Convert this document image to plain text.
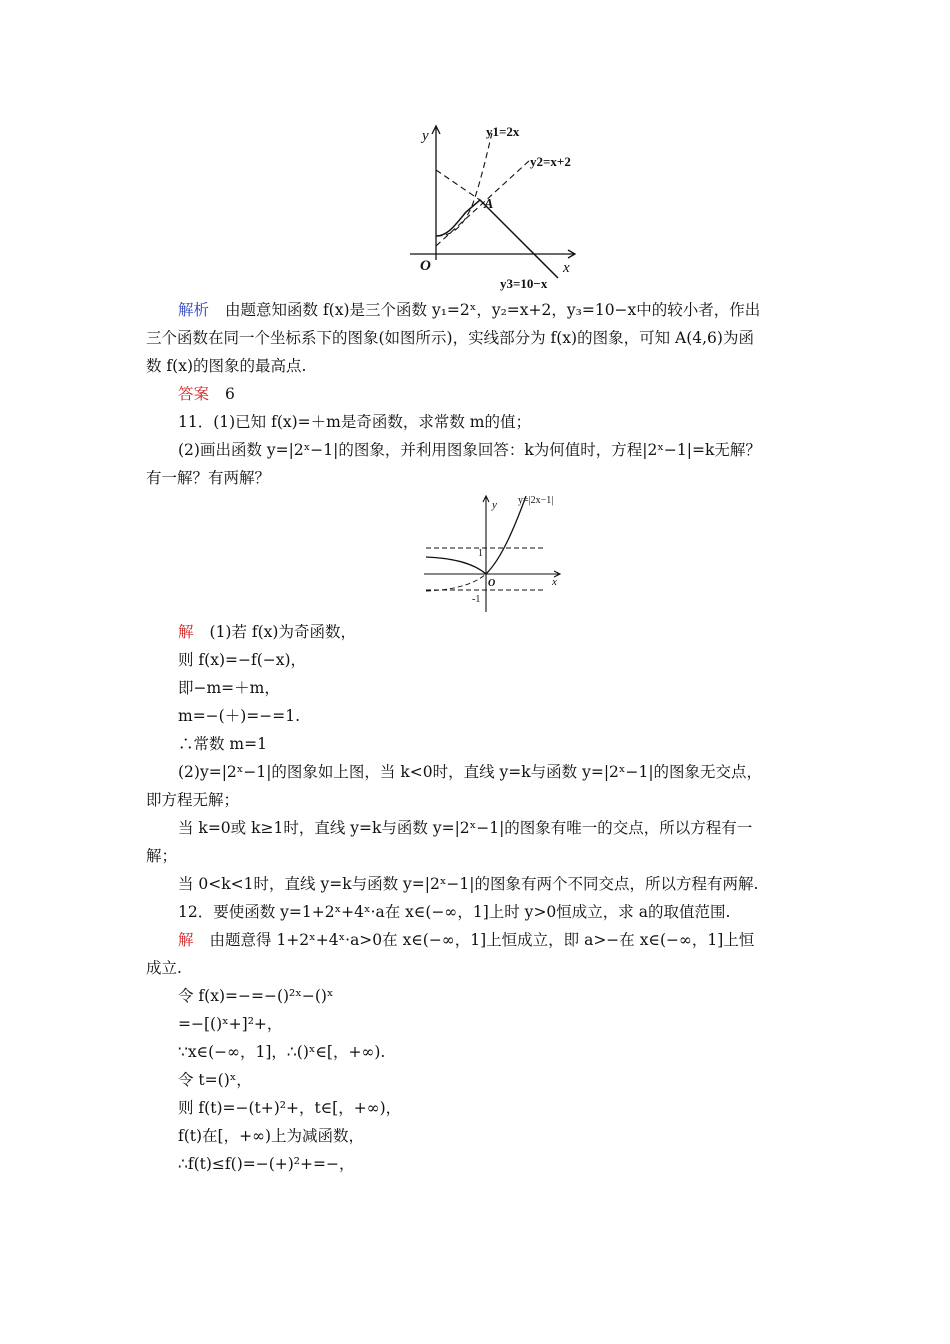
y
x
O
A
y1=2x
y2=x+2
y3=10−x
解析 由题意知函数 f(x)是三个函数 y₁=2ˣ，y₂=x+2，y₃=10−x中的较小者，作出
三个函数在同一个坐标系下的图象(如图所示)，实线部分为 f(x)的图象，可知 A(4,6)为函
数 f(x)的图象的最高点.
答案 6
11．(1)已知 f(x)=＋m是奇函数，求常数 m的值；
(2)画出函数 y=|2ˣ−1|的图象，并利用图象回答：k为何值时，方程|2ˣ−1|=k无解？
有一解？有两解？
y
x
O
1
-1
y=|2x−1|
解 (1)若 f(x)为奇函数，
则 f(x)=−f(−x)，
即−m=＋m，
m=−(＋)=−=1.
∴常数 m=1
(2)y=|2ˣ−1|的图象如上图，当 k<0时，直线 y=k与函数 y=|2ˣ−1|的图象无交点，
即方程无解；
当 k=0或 k≥1时，直线 y=k与函数 y=|2ˣ−1|的图象有唯一的交点，所以方程有一
解；
当 0<k<1时，直线 y=k与函数 y=|2ˣ−1|的图象有两个不同交点，所以方程有两解.
12．要使函数 y=1+2ˣ+4ˣ·a在 x∈(−∞，1]上时 y>0恒成立，求 a的取值范围.
解 由题意得 1+2ˣ+4ˣ·a>0在 x∈(−∞，1]上恒成立，即 a>−在 x∈(−∞，1]上恒
成立.
令 f(x)=−=−()²ˣ−()ˣ
=−[()ˣ+]²+，
∵x∈(−∞，1]，∴()ˣ∈[，+∞).
令 t=()ˣ，
则 f(t)=−(t+)²+，t∈[，+∞)，
f(t)在[，+∞)上为减函数，
∴f(t)≤f()=−(+)²+=−，
